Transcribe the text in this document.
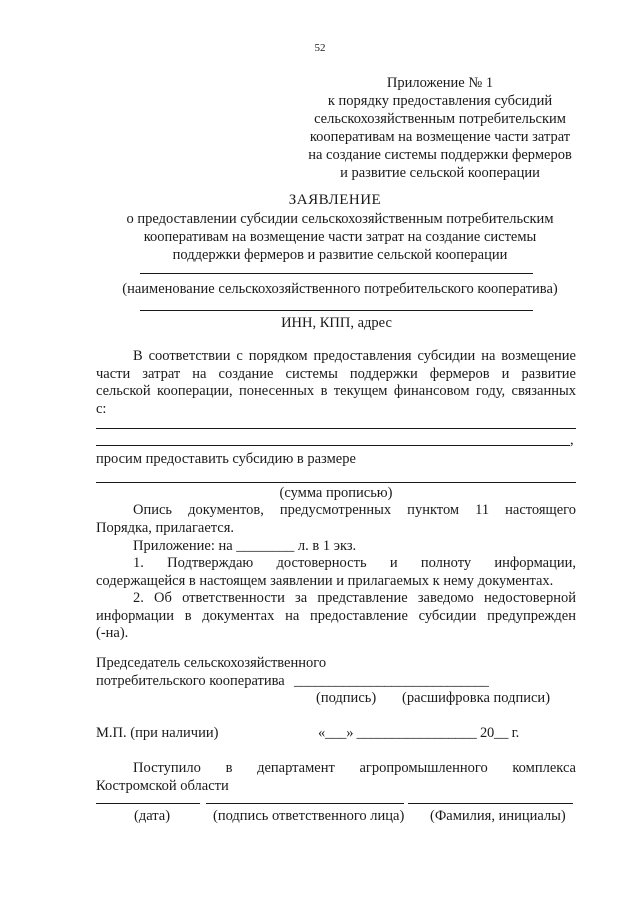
52
Приложение № 1
к порядку предоставления субсидий
сельскохозяйственным потребительским
кооперативам на возмещение части затрат
на создание системы поддержки фермеров
и развитие сельской кооперации
ЗАЯВЛЕНИЕ
о предоставлении субсидии сельскохозяйственным потребительским
кооперативам на возмещение части затрат на создание системы
поддержки фермеров и развитие сельской кооперации
(наименование сельскохозяйственного потребительского кооператива)
ИНН, КПП, адрес
В соответствии с порядком предоставления субсидии на возмещение
части затрат на создание системы поддержки фермеров и развитие
сельской кооперации, понесенных в текущем финансовом году, связанных
с:
,
просим предоставить субсидию в размере
(сумма прописью)
Опись документов, предусмотренных пунктом 11 настоящего
Порядка, прилагается.
Приложение: на ________ л. в 1 экз.
1. Подтверждаю достоверность и полноту информации,
содержащейся в настоящем заявлении и прилагаемых к нему документах.
2. Об ответственности за представление заведомо недостоверной
информации в документах на предоставление субсидии предупрежден
(-на).
Председатель сельскохозяйственного
потребительского кооператива ____________________________
(подпись) (расшифровка подписи)
М.П. (при наличии)	«___» _________________ 20__ г.
Поступило в департамент агропромышленного комплекса
Костромской области
(дата)	(подпись ответственного лица) (Фамилия, инициалы)
